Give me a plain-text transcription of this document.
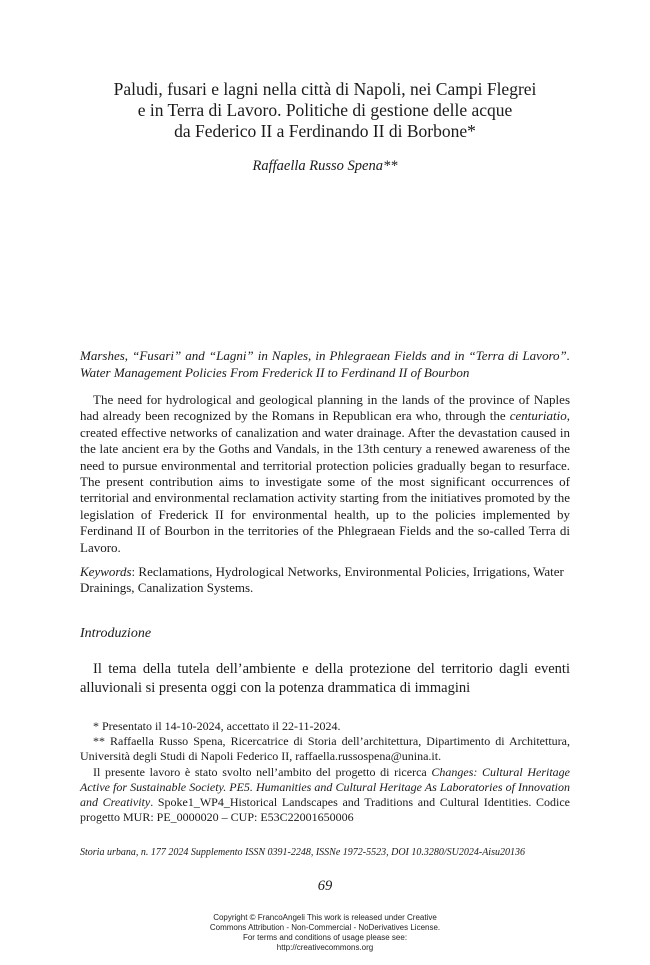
Paludi, fusari e lagni nella città di Napoli, nei Campi Flegrei
e in Terra di Lavoro. Politiche di gestione delle acque
da Federico II a Ferdinando II di Borbone*
Raffaella Russo Spena**
Marshes, “Fusari” and “Lagni” in Naples, in Phlegraean Fields and in “Terra di Lavoro”. Water Management Policies From Frederick II to Ferdinand II of Bourbon
The need for hydrological and geological planning in the lands of the province of Naples had already been recognized by the Romans in Republican era who, through the centuriatio, created effective networks of canalization and water drainage. After the devastation caused in the late ancient era by the Goths and Vandals, in the 13th century a renewed awareness of the need to pursue environmental and territorial protection policies gradually began to resurface. The present contribution aims to investigate some of the most significant occurrences of territorial and environmental reclamation activity starting from the initiatives promoted by the legislation of Frederick II for environmental health, up to the policies implemented by Ferdinand II of Bourbon in the territories of the Phlegraean Fields and the so-called Terra di Lavoro.
Keywords: Reclamations, Hydrological Networks, Environmental Policies, Irrigations, Water Drainings, Canalization Systems.
Introduzione
Il tema della tutela dell’ambiente e della protezione del territorio dagli eventi alluvionali si presenta oggi con la potenza drammatica di immagini

* Presentato il 14-10-2024, accettato il 22-11-2024.

** Raffaella Russo Spena, Ricercatrice di Storia dell’architettura, Dipartimento di Architettura, Università degli Studi di Napoli Federico II, raffaella.russospena@unina.it.

Il presente lavoro è stato svolto nell’ambito del progetto di ricerca Changes: Cultural Heritage Active for Sustainable Society. PE5. Humanities and Cultural Heritage As Laboratories of Innovation and Creativity. Spoke1_WP4_Historical Landscapes and Traditions and Cultural Identities. Codice progetto MUR: PE_0000020 – CUP: E53C22001650006

Storia urbana, n. 177 2024 Supplemento ISSN 0391-2248, ISSNe 1972-5523, DOI 10.3280/SU2024-Aisu20136
69
Copyright © FrancoAngeli This work is released under Creative
Commons Attribution - Non-Commercial - NoDerivatives License.
For terms and conditions of usage please see:
http://creativecommons.org
